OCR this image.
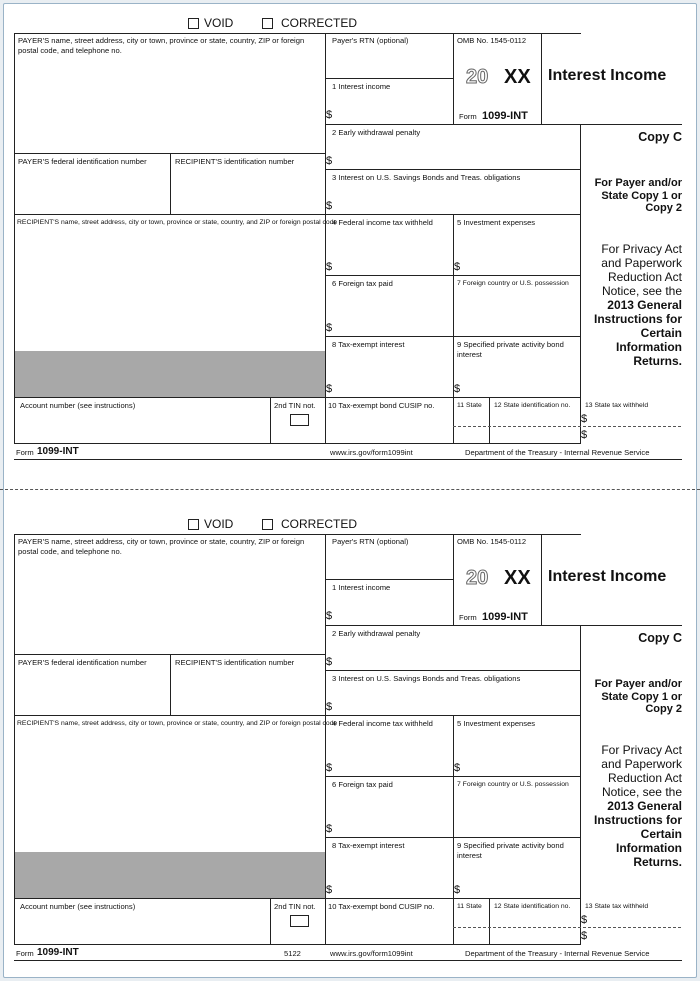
VOID	CORRECTED
PAYER'S name, street address, city or town, province or state, country, ZIP or foreign postal code, and telephone no.
PAYER'S federal identification number	RECIPIENT'S identification number
RECIPIENT'S name, street address, city or town, province or state, country, and ZIP or foreign postal code
Account number (see instructions)	2nd TIN not.
Payer's RTN (optional)	OMB No. 1545-0112
20 XX
Form 1099-INT
Interest Income
1 Interest income
$
2 Early withdrawal penalty
$
3 Interest on U.S. Savings Bonds and Treas. obligations
$
4 Federal income tax withheld
$
5 Investment expenses
$
6 Foreign tax paid
$
7 Foreign country or U.S. possession
8 Tax-exempt interest
$
9 Specified private activity bond interest
$
10 Tax-exempt bond CUSIP no.	11 State 12 State identification no. 13 State tax withheld
$
$
Copy C
For Payer and/or State Copy 1 or Copy 2
For Privacy Act and Paperwork Reduction Act Notice, see the
2013 General Instructions for Certain Information Returns.
Form 1099-INT	www.irs.gov/form1099int	Department of the Treasury - Internal Revenue Service
VOID	CORRECTED
PAYER'S name, street address, city or town, province or state, country, ZIP or foreign postal code, and telephone no.
PAYER'S federal identification number	RECIPIENT'S identification number
RECIPIENT'S name, street address, city or town, province or state, country, and ZIP or foreign postal code
Account number (see instructions)	2nd TIN not.
Payer's RTN (optional)	OMB No. 1545-0112
20 XX
Form 1099-INT
Interest Income
1 Interest income
$
2 Early withdrawal penalty
$
3 Interest on U.S. Savings Bonds and Treas. obligations
$
4 Federal income tax withheld
$
5 Investment expenses
$
6 Foreign tax paid
$
7 Foreign country or U.S. possession
8 Tax-exempt interest
$
9 Specified private activity bond interest
$
10 Tax-exempt bond CUSIP no.	11 State 12 State identification no. 13 State tax withheld
$
$
Copy C
For Payer and/or State Copy 1 or Copy 2
For Privacy Act and Paperwork Reduction Act Notice, see the
2013 General Instructions for Certain Information Returns.
Form 1099-INT	5122	www.irs.gov/form1099int	Department of the Treasury - Internal Revenue Service
